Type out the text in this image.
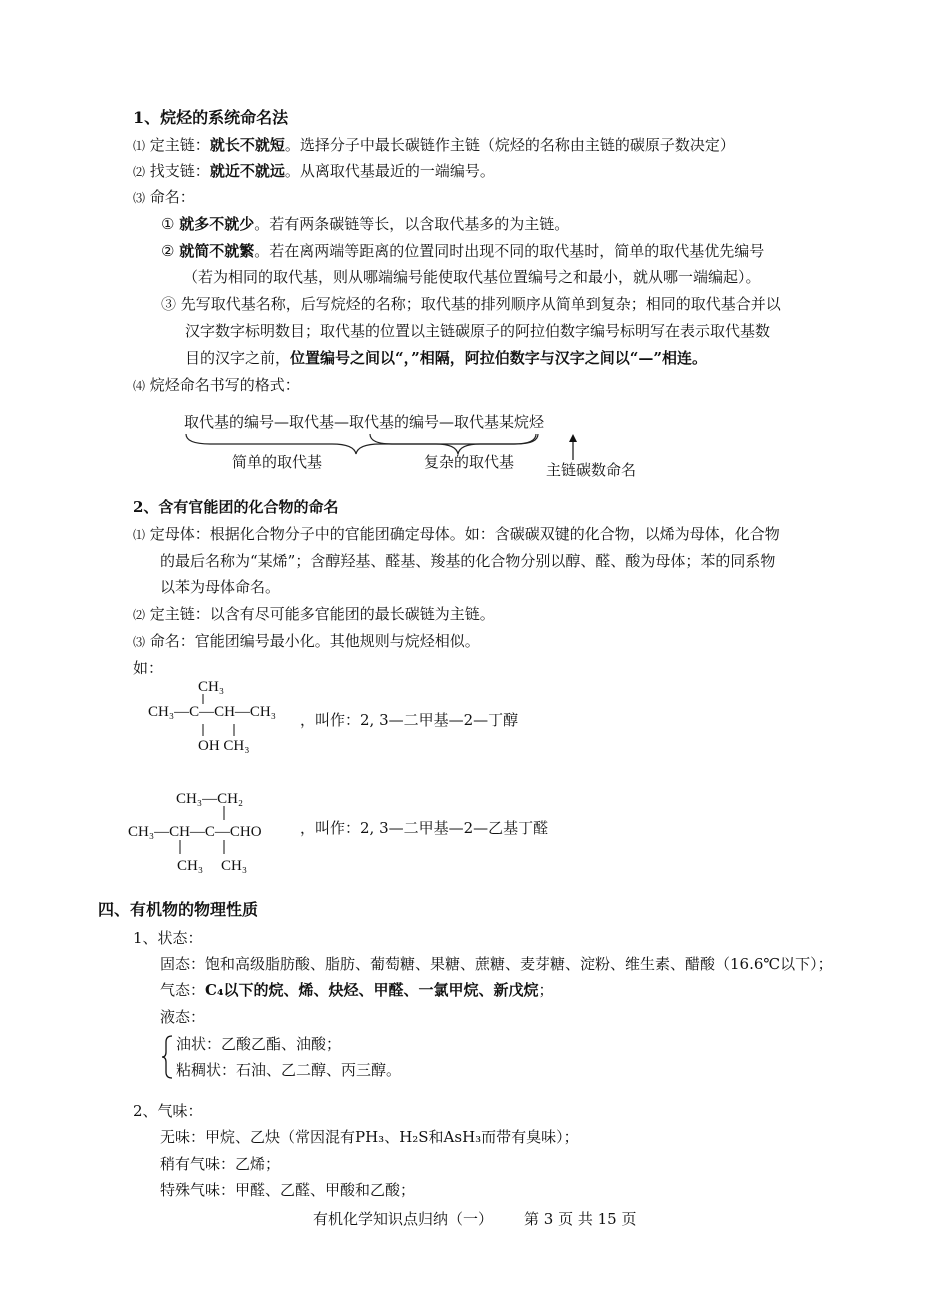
1、烷烃的系统命名法
⑴ 定主链：就长不就短。选择分子中最长碳链作主链（烷烃的名称由主链的碳原子数决定）
⑵ 找支链：就近不就远。从离取代基最近的一端编号。
⑶ 命名：
① 就多不就少。若有两条碳链等长，以含取代基多的为主链。
② 就简不就繁。若在离两端等距离的位置同时出现不同的取代基时，简单的取代基优先编号
（若为相同的取代基，则从哪端编号能使取代基位置编号之和最小，就从哪一端编起）。
③ 先写取代基名称，后写烷烃的名称；取代基的排列顺序从简单到复杂；相同的取代基合并以
汉字数字标明数目；取代基的位置以主链碳原子的阿拉伯数字编号标明写在表示取代基数
目的汉字之前，位置编号之间以“，”相隔，阿拉伯数字与汉字之间以“—”相连。
⑷ 烷烃命名书写的格式：
取代基的编号—取代基—取代基的编号—取代基某烷烃
简单的取代基	复杂的取代基 主链碳数命名
2、含有官能团的化合物的命名
⑴ 定母体：根据化合物分子中的官能团确定母体。如：含碳碳双键的化合物，以烯为母体，化合物
的最后名称为“某烯”；含醇羟基、醛基、羧基的化合物分别以醇、醛、酸为母体；苯的同系物
以苯为母体命名。
⑵ 定主链：以含有尽可能多官能团的最长碳链为主链。
⑶ 命名：官能团编号最小化。其他规则与烷烃相似。
如：
CH₃
CH₃—C—CH—CH₃ ，叫作：2, 3—二甲基—2—丁醇
OH CH₃
CH₃—CH₂
CH₃—CH—C—CHO	，叫作：2, 3—二甲基—2—乙基丁醛
CH₃ CH₃
四、有机物的物理性质
1、状态：
固态：饱和高级脂肪酸、脂肪、葡萄糖、果糖、蔗糖、麦芽糖、淀粉、维生素、醋酸（16.6℃以下）；
气态：C₄以下的烷、烯、炔烃、甲醛、一氯甲烷、新戊烷；
液态：
油状：乙酸乙酯、油酸；
粘稠状：石油、乙二醇、丙三醇。
2、气味：
无味：甲烷、乙炔（常因混有PH₃、H₂S和AsH₃而带有臭味）；
稍有气味：乙烯；
特殊气味：甲醛、乙醛、甲酸和乙酸；
有机化学知识点归纳（一） 第 3 页 共 15 页
